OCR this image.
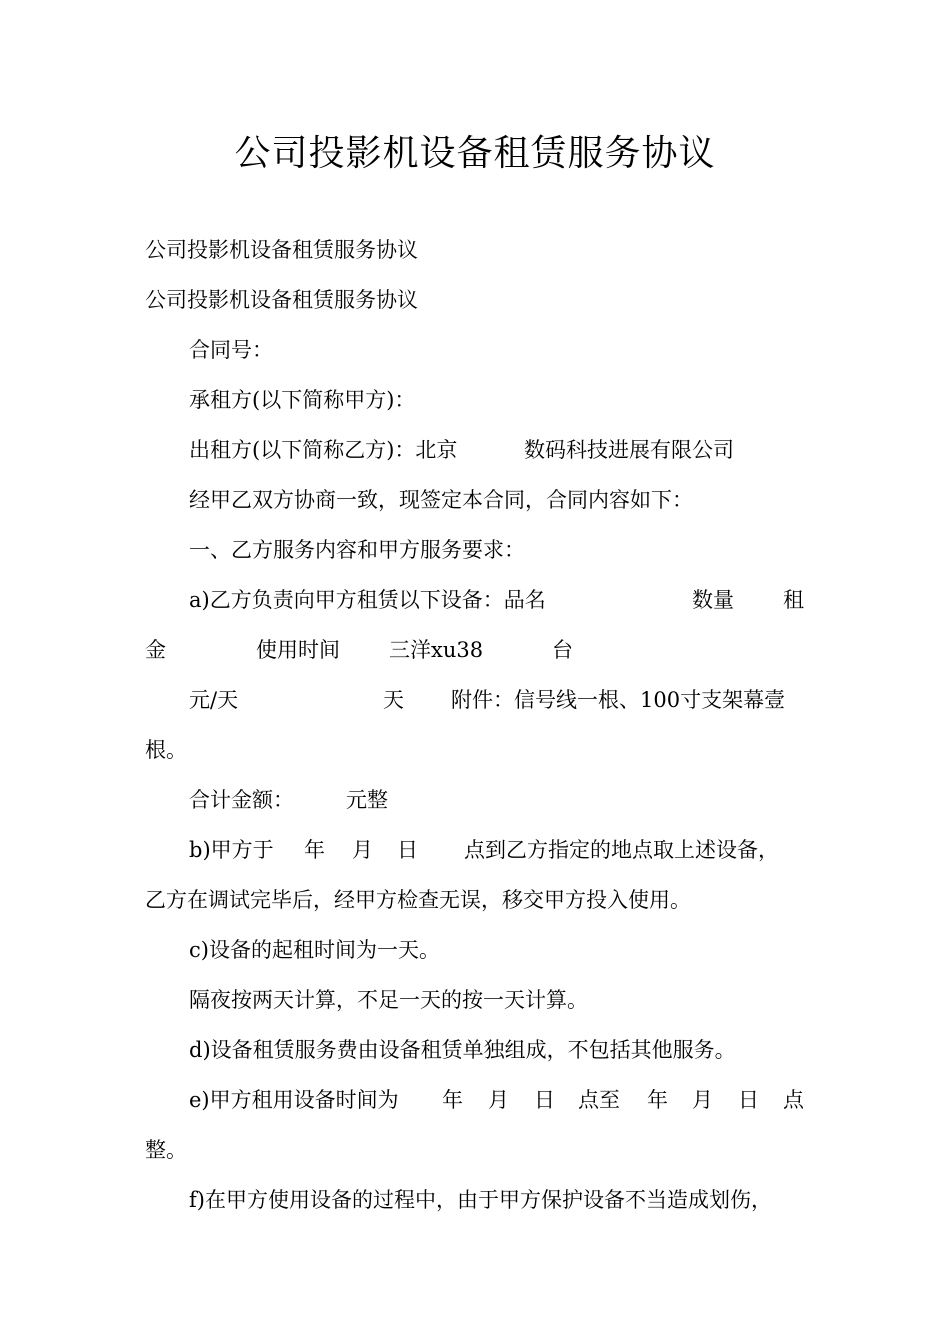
公司投影机设备租赁服务协议
公司投影机设备租赁服务协议
公司投影机设备租赁服务协议
合同号：
承租方(以下简称甲方)：
出租方(以下简称乙方)：北京	数码科技进展有限公司
经甲乙双方协商一致，现签定本合同，合同内容如下：
一、乙方服务内容和甲方服务要求：
a)乙方负责向甲方租赁以下设备：品名	数量 租
金	使用时间 三洋xu38	台
元/天	天 附件：信号线一根、100寸支架幕壹
根。
合计金额： 元整
b)甲方于 年 月 日 点到乙方指定的地点取上述设备，
乙方在调试完毕后，经甲方检查无误，移交甲方投入使用。
c)设备的起租时间为一天。
隔夜按两天计算，不足一天的按一天计算。
d)设备租赁服务费由设备租赁单独组成，不包括其他服务。
e)甲方租用设备时间为 年 月 日 点至 年 月 日 点
整。
f)在甲方使用设备的过程中，由于甲方保护设备不当造成划伤，
